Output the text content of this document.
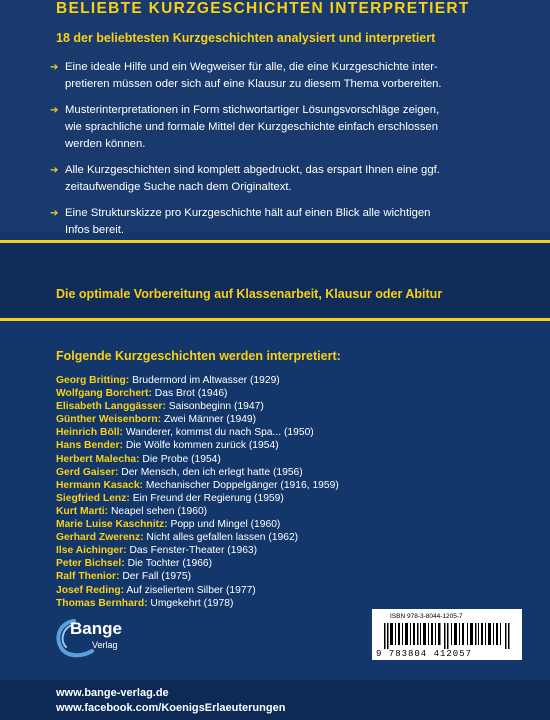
BELIEBTE KURZGESCHICHTEN INTERPRETIERT
18 der beliebtesten Kurzgeschichten analysiert und interpretiert
➔ Eine ideale Hilfe und ein Wegweiser für alle, die eine Kurzgeschichte inter-
pretieren müssen oder sich auf eine Klausur zu diesem Thema vorbereiten.
➔ Musterinterpretationen in Form stichwortartiger Lösungsvorschläge zeigen,
wie sprachliche und formale Mittel der Kurzgeschichte einfach erschlossen
werden können.
➔ Alle Kurzgeschichten sind komplett abgedruckt, das erspart Ihnen eine ggf.
zeitaufwendige Suche nach dem Originaltext.
➔ Eine Strukturskizze pro Kurzgeschichte hält auf einen Blick alle wichtigen
Infos bereit.
Die optimale Vorbereitung auf Klassenarbeit, Klausur oder Abitur
Folgende Kurzgeschichten werden interpretiert:
Georg Britting: Brudermord im Altwasser (1929)
Wolfgang Borchert: Das Brot (1946)
Elisabeth Langgässer: Saisonbeginn (1947)
Günther Weisenborn: Zwei Männer (1949)
Heinrich Böll: Wanderer, kommst du nach Spa... (1950)
Hans Bender: Die Wölfe kommen zurück (1954)
Herbert Malecha: Die Probe (1954)
Gerd Gaiser: Der Mensch, den ich erlegt hatte (1956)
Hermann Kasack: Mechanischer Doppelgänger (1916, 1959)
Siegfried Lenz: Ein Freund der Regierung (1959)
Kurt Marti: Neapel sehen (1960)
Marie Luise Kaschnitz: Popp und Mingel (1960)
Gerhard Zwerenz: Nicht alles gefallen lassen (1962)
Ilse Aichinger: Das Fenster-Theater (1963)
Peter Bichsel: Die Tochter (1966)
Ralf Thenior: Der Fall (1975)
Josef Reding: Auf ziseliertem Silber (1977)
Thomas Bernhard: Umgekehrt (1978)
Bange
Verlag
ISBN 978-3-8044-1205-7
9 783804 412057
www.bange-verlag.de
www.facebook.com/KoenigsErlaeuterungen
